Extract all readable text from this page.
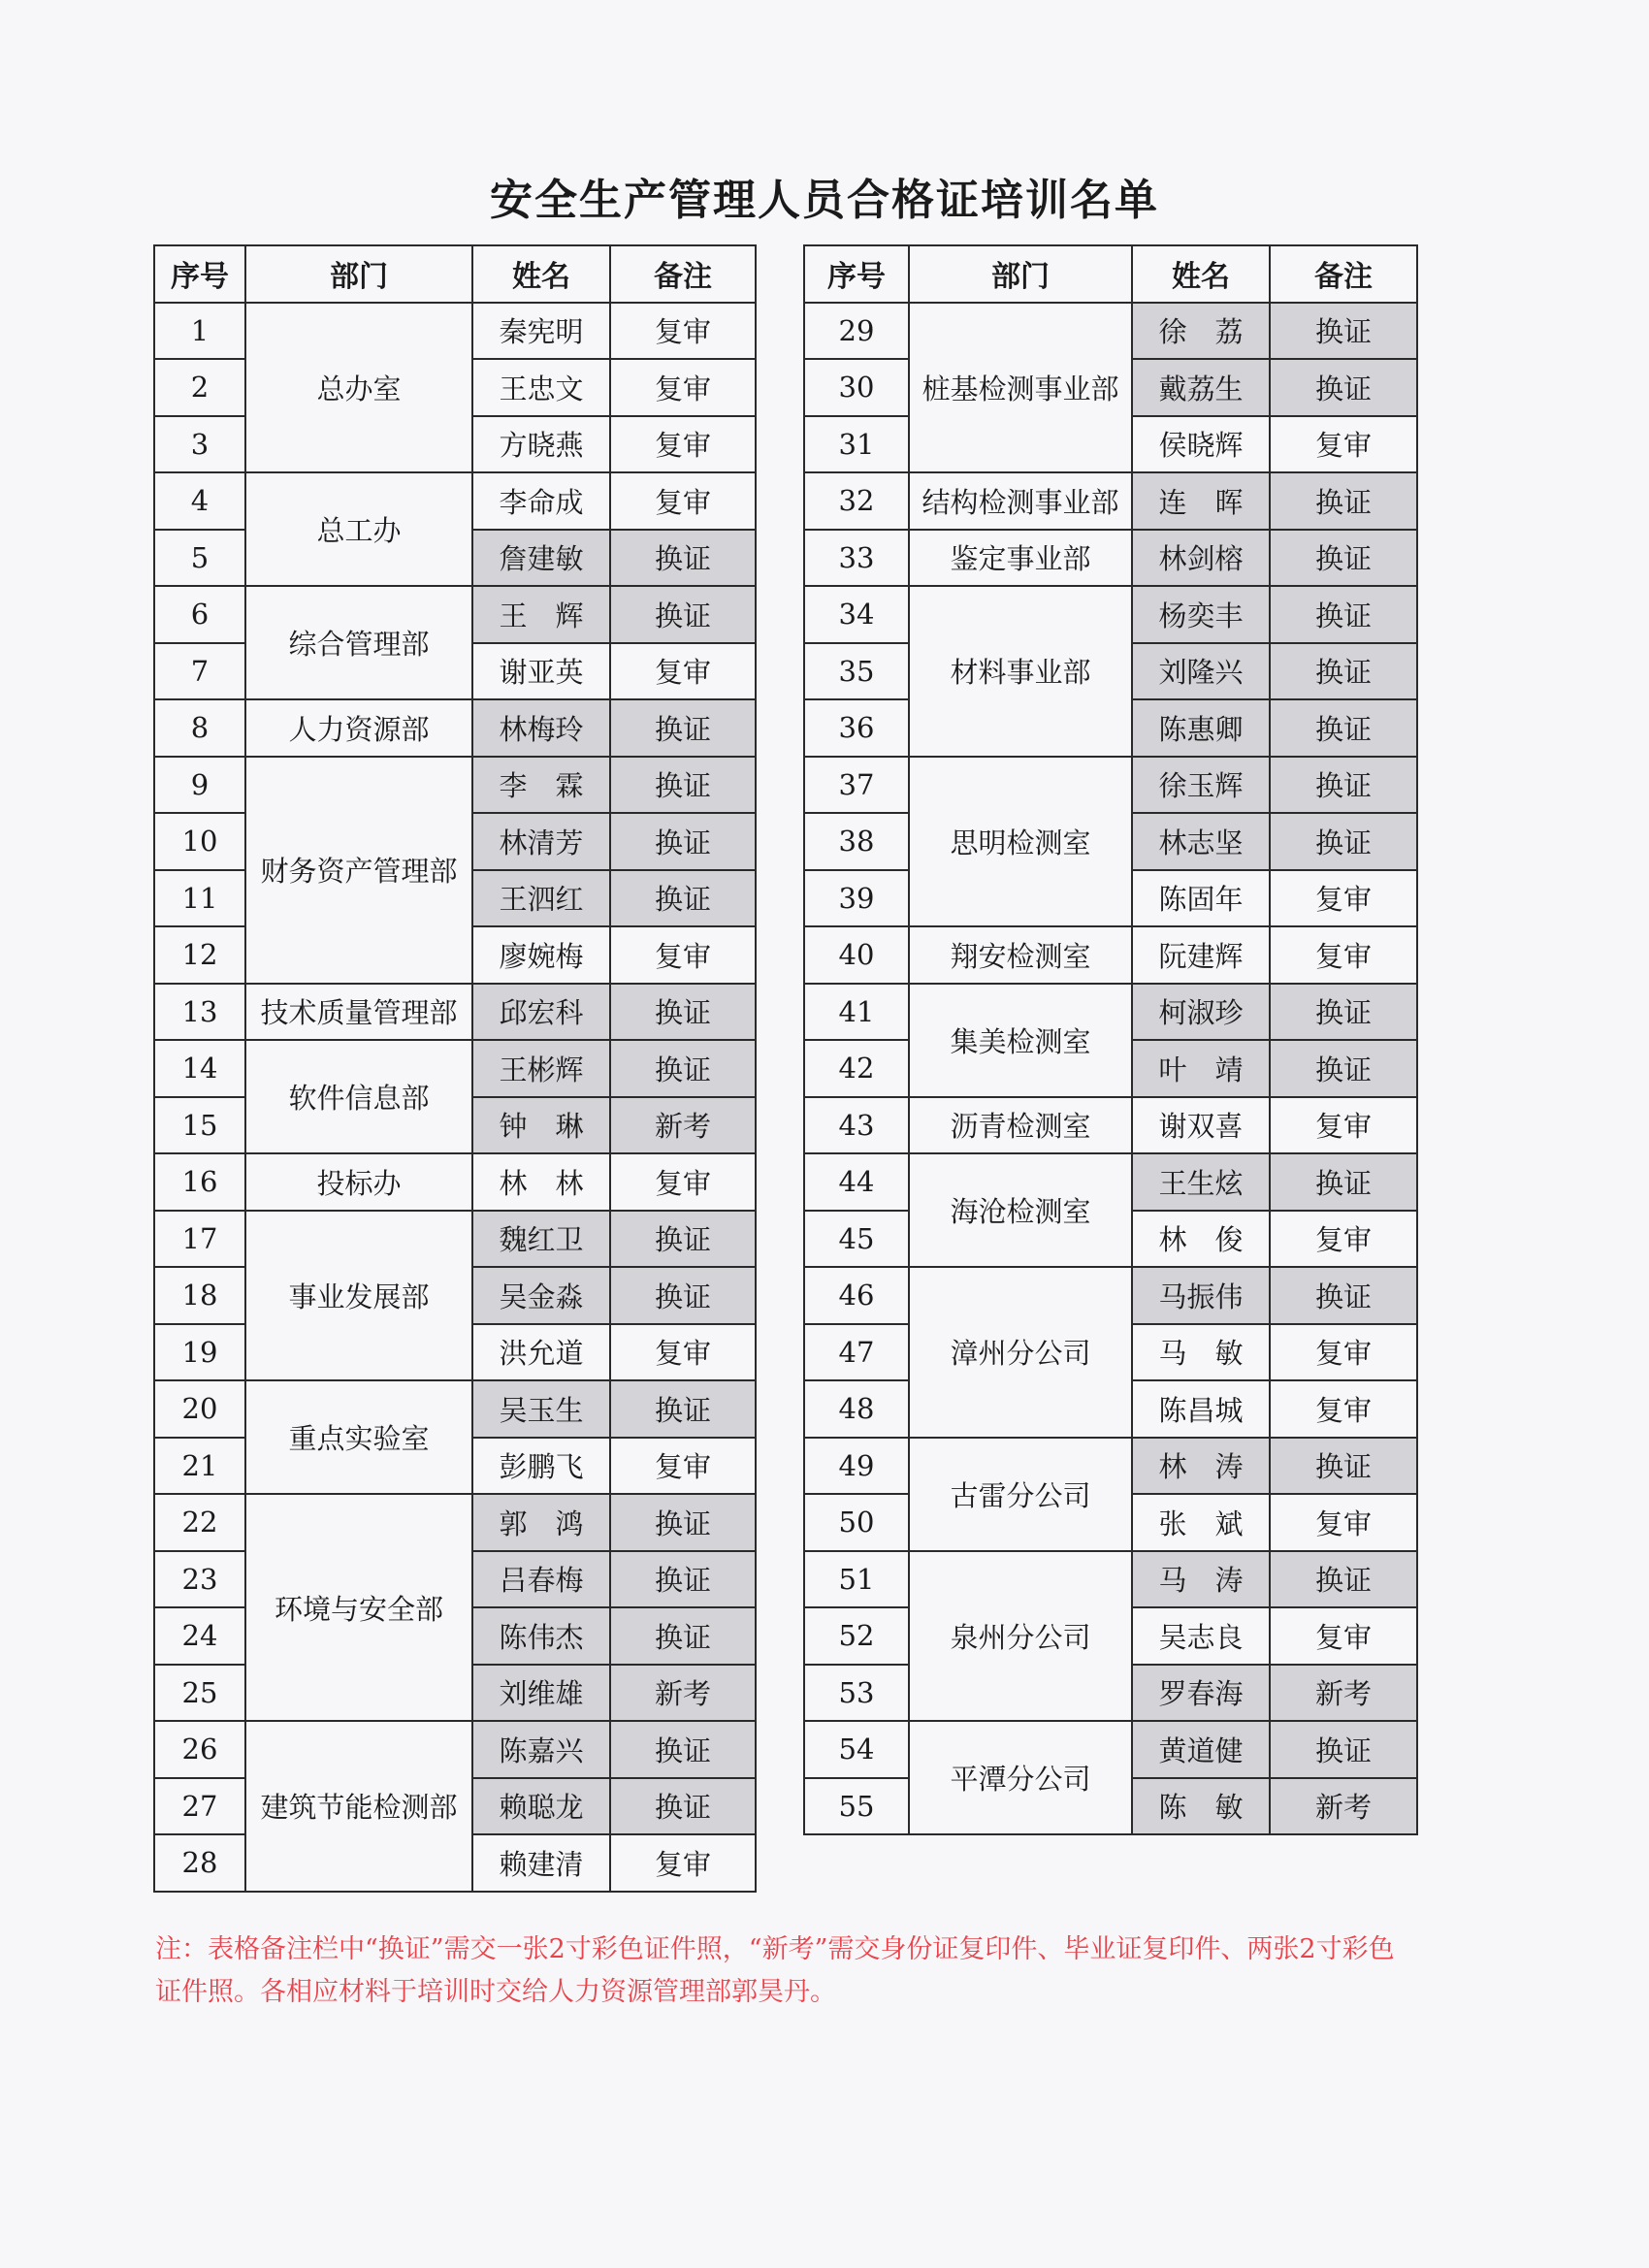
安全生产管理人员合格证培训名单
序号	部门	姓名	备注
1	总办室	秦宪明	复审
2		王忠文	复审
3		方晓燕	复审
4	总工办	李命成	复审
5		詹建敏	换证
6	综合管理部	王　辉	换证
7		谢亚英	复审
8	人力资源部	林梅玲	换证
9	财务资产管理部	李　霖	换证
10		林清芳	换证
11		王泗红	换证
12		廖婉梅	复审
13	技术质量管理部	邱宏科	换证
14	软件信息部	王彬辉	换证
15		钟　琳	新考
16	投标办	林　林	复审
17	事业发展部	魏红卫	换证
18		吴金淼	换证
19		洪允道	复审
20	重点实验室	吴玉生	换证
21		彭鹏飞	复审
22	环境与安全部	郭　鸿	换证
23		吕春梅	换证
24		陈伟杰	换证
25		刘维雄	新考
26	建筑节能检测部	陈嘉兴	换证
27		赖聪龙	换证
28		赖建清	复审
序号	部门	姓名	备注
29	桩基检测事业部	徐　荔	换证
30		戴荔生	换证
31		侯晓辉	复审
32	结构检测事业部	连　晖	换证
33	鉴定事业部	林剑榕	换证
34	材料事业部	杨奕丰	换证
35		刘隆兴	换证
36		陈惠卿	换证
37	思明检测室	徐玉辉	换证
38		林志坚	换证
39		陈固年	复审
40	翔安检测室	阮建辉	复审
41	集美检测室	柯淑珍	换证
42		叶　靖	换证
43	沥青检测室	谢双喜	复审
44	海沧检测室	王生炫	换证
45		林　俊	复审
46	漳州分公司	马振伟	换证
47		马　敏	复审
48		陈昌城	复审
49	古雷分公司	林　涛	换证
50		张　斌	复审
51	泉州分公司	马　涛	换证
52		吴志良	复审
53		罗春海	新考
54	平潭分公司	黄道健	换证
55		陈　敏	新考
注：表格备注栏中“换证”需交一张2寸彩色证件照，“新考”需交身份证复印件、毕业证复印件、两张2寸彩色证件照。各相应材料于培训时交给人力资源管理部郭昊丹。
